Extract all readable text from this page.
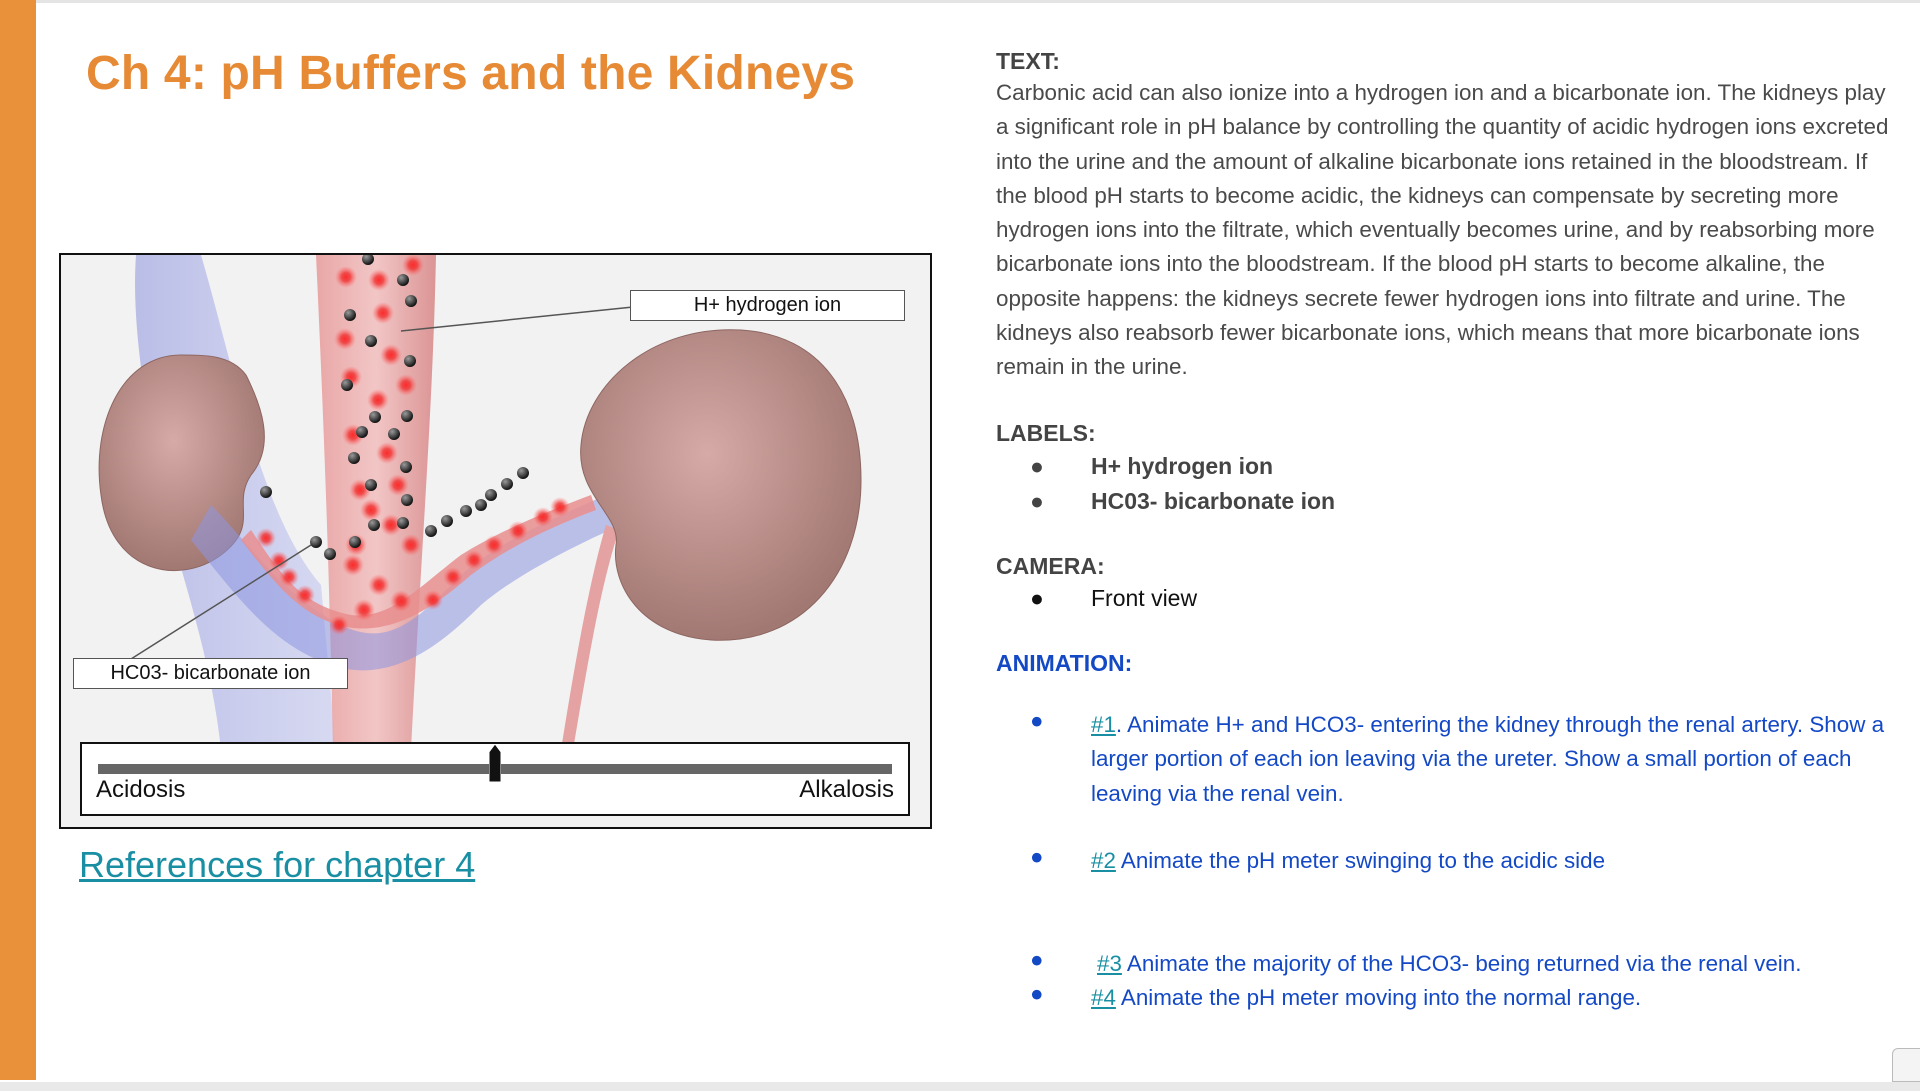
Ch 4: pH Buffers and the Kidneys
H+ hydrogen ion
HC03- bicarbonate ion
Acidosis	Alkalosis
References for chapter 4
TEXT:

Carbonic acid can also ionize into a hydrogen ion and a bicarbonate ion. The kidneys play a significant role in pH balance by controlling the quantity of acidic hydrogen ions excreted into the urine and the amount of alkaline bicarbonate ions retained in the bloodstream. If the blood pH starts to become acidic, the kidneys can compensate by secreting more hydrogen ions into the filtrate, which eventually becomes urine, and by reabsorbing more bicarbonate ions into the bloodstream. If the blood pH starts to become alkaline, the opposite happens: the kidneys secrete fewer hydrogen ions into filtrate and urine. The kidneys also reabsorb fewer bicarbonate ions, which means that more bicarbonate ions remain in the urine.

LABELS:
● H+ hydrogen ion
● HC03- bicarbonate ion
CAMERA:
● Front view
ANIMATION:
● #1. Animate H+ and HCO3- entering the kidney through the renal artery. Show a larger portion of each ion leaving via the ureter. Show a small portion of each leaving via the renal vein.
● #2 Animate the pH meter swinging to the acidic side
● #3 Animate the majority of the HCO3- being returned via the renal vein.
● #4 Animate the pH meter moving into the normal range.
